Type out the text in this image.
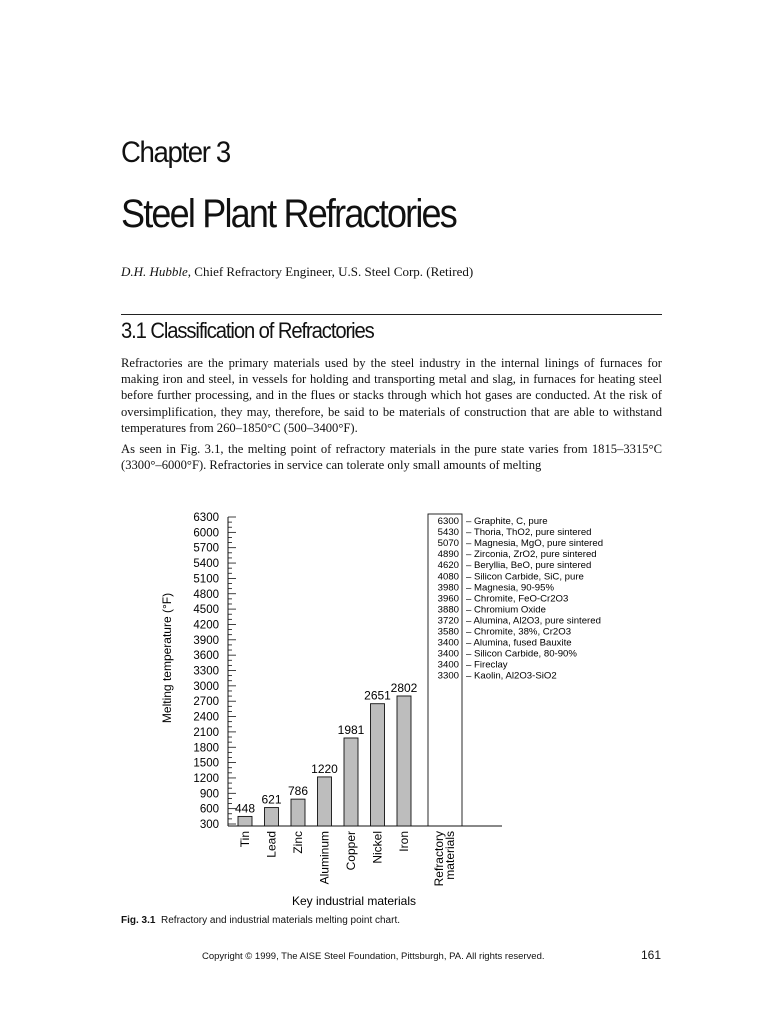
Chapter 3
Steel Plant Refractories
D.H. Hubble, Chief Refractory Engineer, U.S. Steel Corp. (Retired)
3.1 Classification of Refractories
Refractories are the primary materials used by the steel industry in the internal linings of furnaces for making iron and steel, in vessels for holding and transporting metal and slag, in furnaces for heating steel before further processing, and in the flues or stacks through which hot gases are conducted. At the risk of oversimplification, they may, therefore, be said to be materials of construction that are able to withstand temperatures from 260–1850°C (500–3400°F).
As seen in Fig. 3.1, the melting point of refractory materials in the pure state varies from 1815–3315°C (3300°–6000°F). Refractories in service can tolerate only small amounts of melting
6300
6000
5700
5400
5100
4800
4500
4200
3900
3600
3300
3000
2700
2400
2100
1800
1500
1200
900
600
300
448
Tin
621
Lead
786
Zinc
1220
Aluminum
1981
Copper
2651
Nickel
2802
Iron Refractory
materials
6300 – Graphite, C, pure
5430 – Thoria, ThO2, pure sintered
5070 – Magnesia, MgO, pure sintered
4890 – Zirconia, ZrO2, pure sintered
4620 – Beryllia, BeO, pure sintered
4080 – Silicon Carbide, SiC, pure
3980 – Magnesia, 90-95%
3960 – Chromite, FeO-Cr2O3
3880 – Chromium Oxide
3720 – Alumina, Al2O3, pure sintered
3580 – Chromite, 38%, Cr2O3
3400 – Alumina, fused Bauxite
3400 – Silicon Carbide, 80-90%
3400 – Fireclay
3300 – Kaolin, Al2O3-SiO2
Melting temperature (°F)
Key industrial materials
Fig. 3.1 Refractory and industrial materials melting point chart.
Copyright © 1999, The AISE Steel Foundation, Pittsburgh, PA. All rights reserved.	161
